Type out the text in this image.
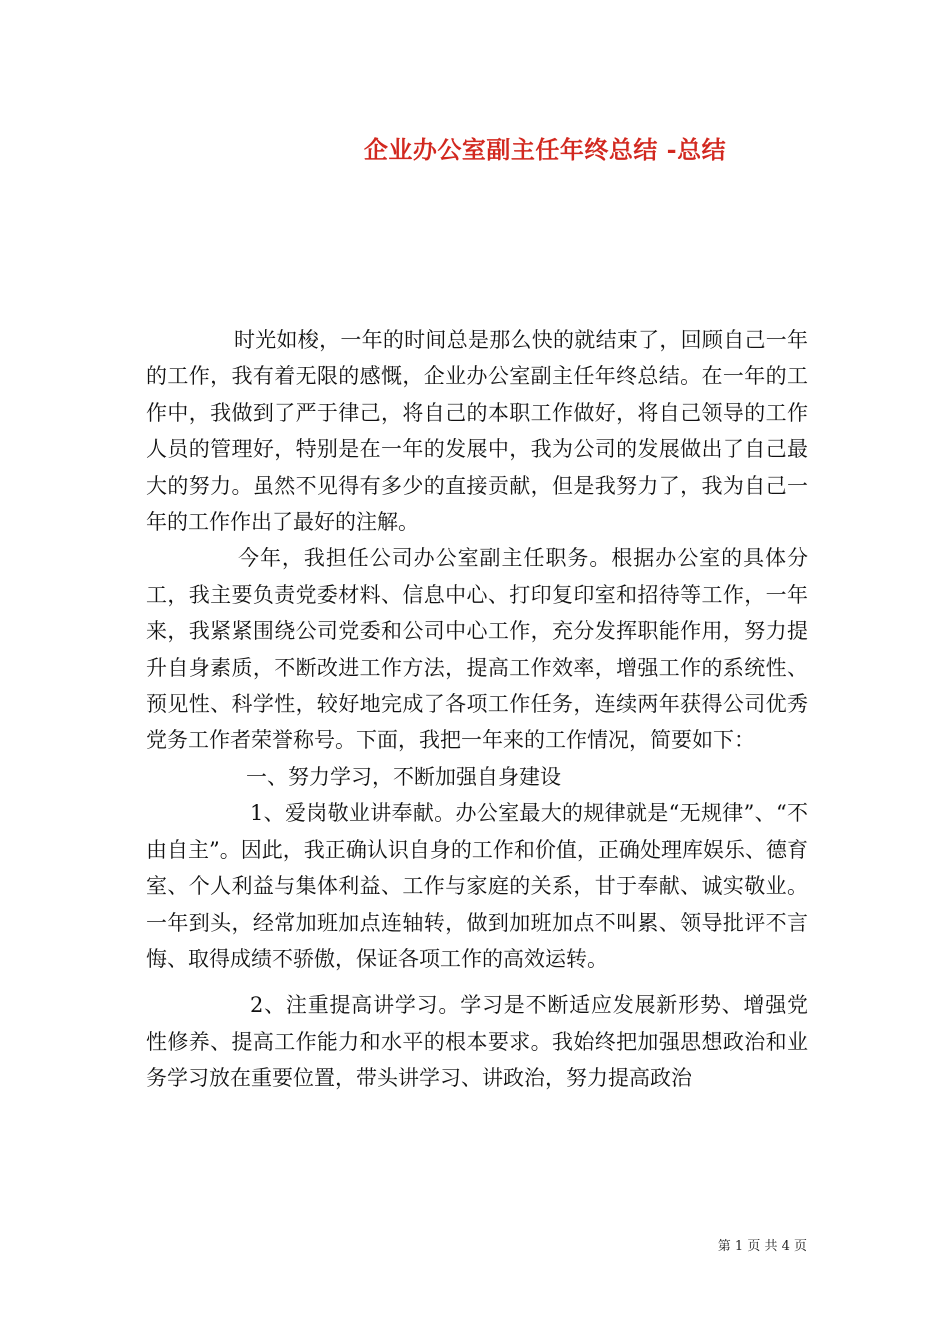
企业办公室副主任年终总结 -总结

时光如梭，一年的时间总是那么快的就结束了，回顾自己一年的工作，我有着无限的感慨，企业办公室副主任年终总结。在一年的工作中，我做到了严于律己，将自己的本职工作做好，将自己领导的工作人员的管理好，特别是在一年的发展中，我为公司的发展做出了自己最大的努力。虽然不见得有多少的直接贡献，但是我努力了，我为自己一年的工作作出了最好的注解。

今年，我担任公司办公室副主任职务。根据办公室的具体分工，我主要负责党委材料、信息中心、打印复印室和招待等工作，一年来，我紧紧围绕公司党委和公司中心工作，充分发挥职能作用，努力提升自身素质，不断改进工作方法，提高工作效率，增强工作的系统性、预见性、科学性，较好地完成了各项工作任务，连续两年获得公司优秀党务工作者荣誉称号。下面，我把一年来的工作情况，简要如下：

一、努力学习，不断加强自身建设

1、爱岗敬业讲奉献。办公室最大的规律就是“无规律”、“不由自主”。因此，我正确认识自身的工作和价值，正确处理库娱乐、德育室、个人利益与集体利益、工作与家庭的关系，甘于奉献、诚实敬业。一年到头，经常加班加点连轴转，做到加班加点不叫累、领导批评不言悔、取得成绩不骄傲，保证各项工作的高效运转。

2、注重提高讲学习。学习是不断适应发展新形势、增强党性修养、提高工作能力和水平的根本要求。我始终把加强思想政治和业务学习放在重要位置，带头讲学习、讲政治，努力提高政治

第 1 页 共 4 页
